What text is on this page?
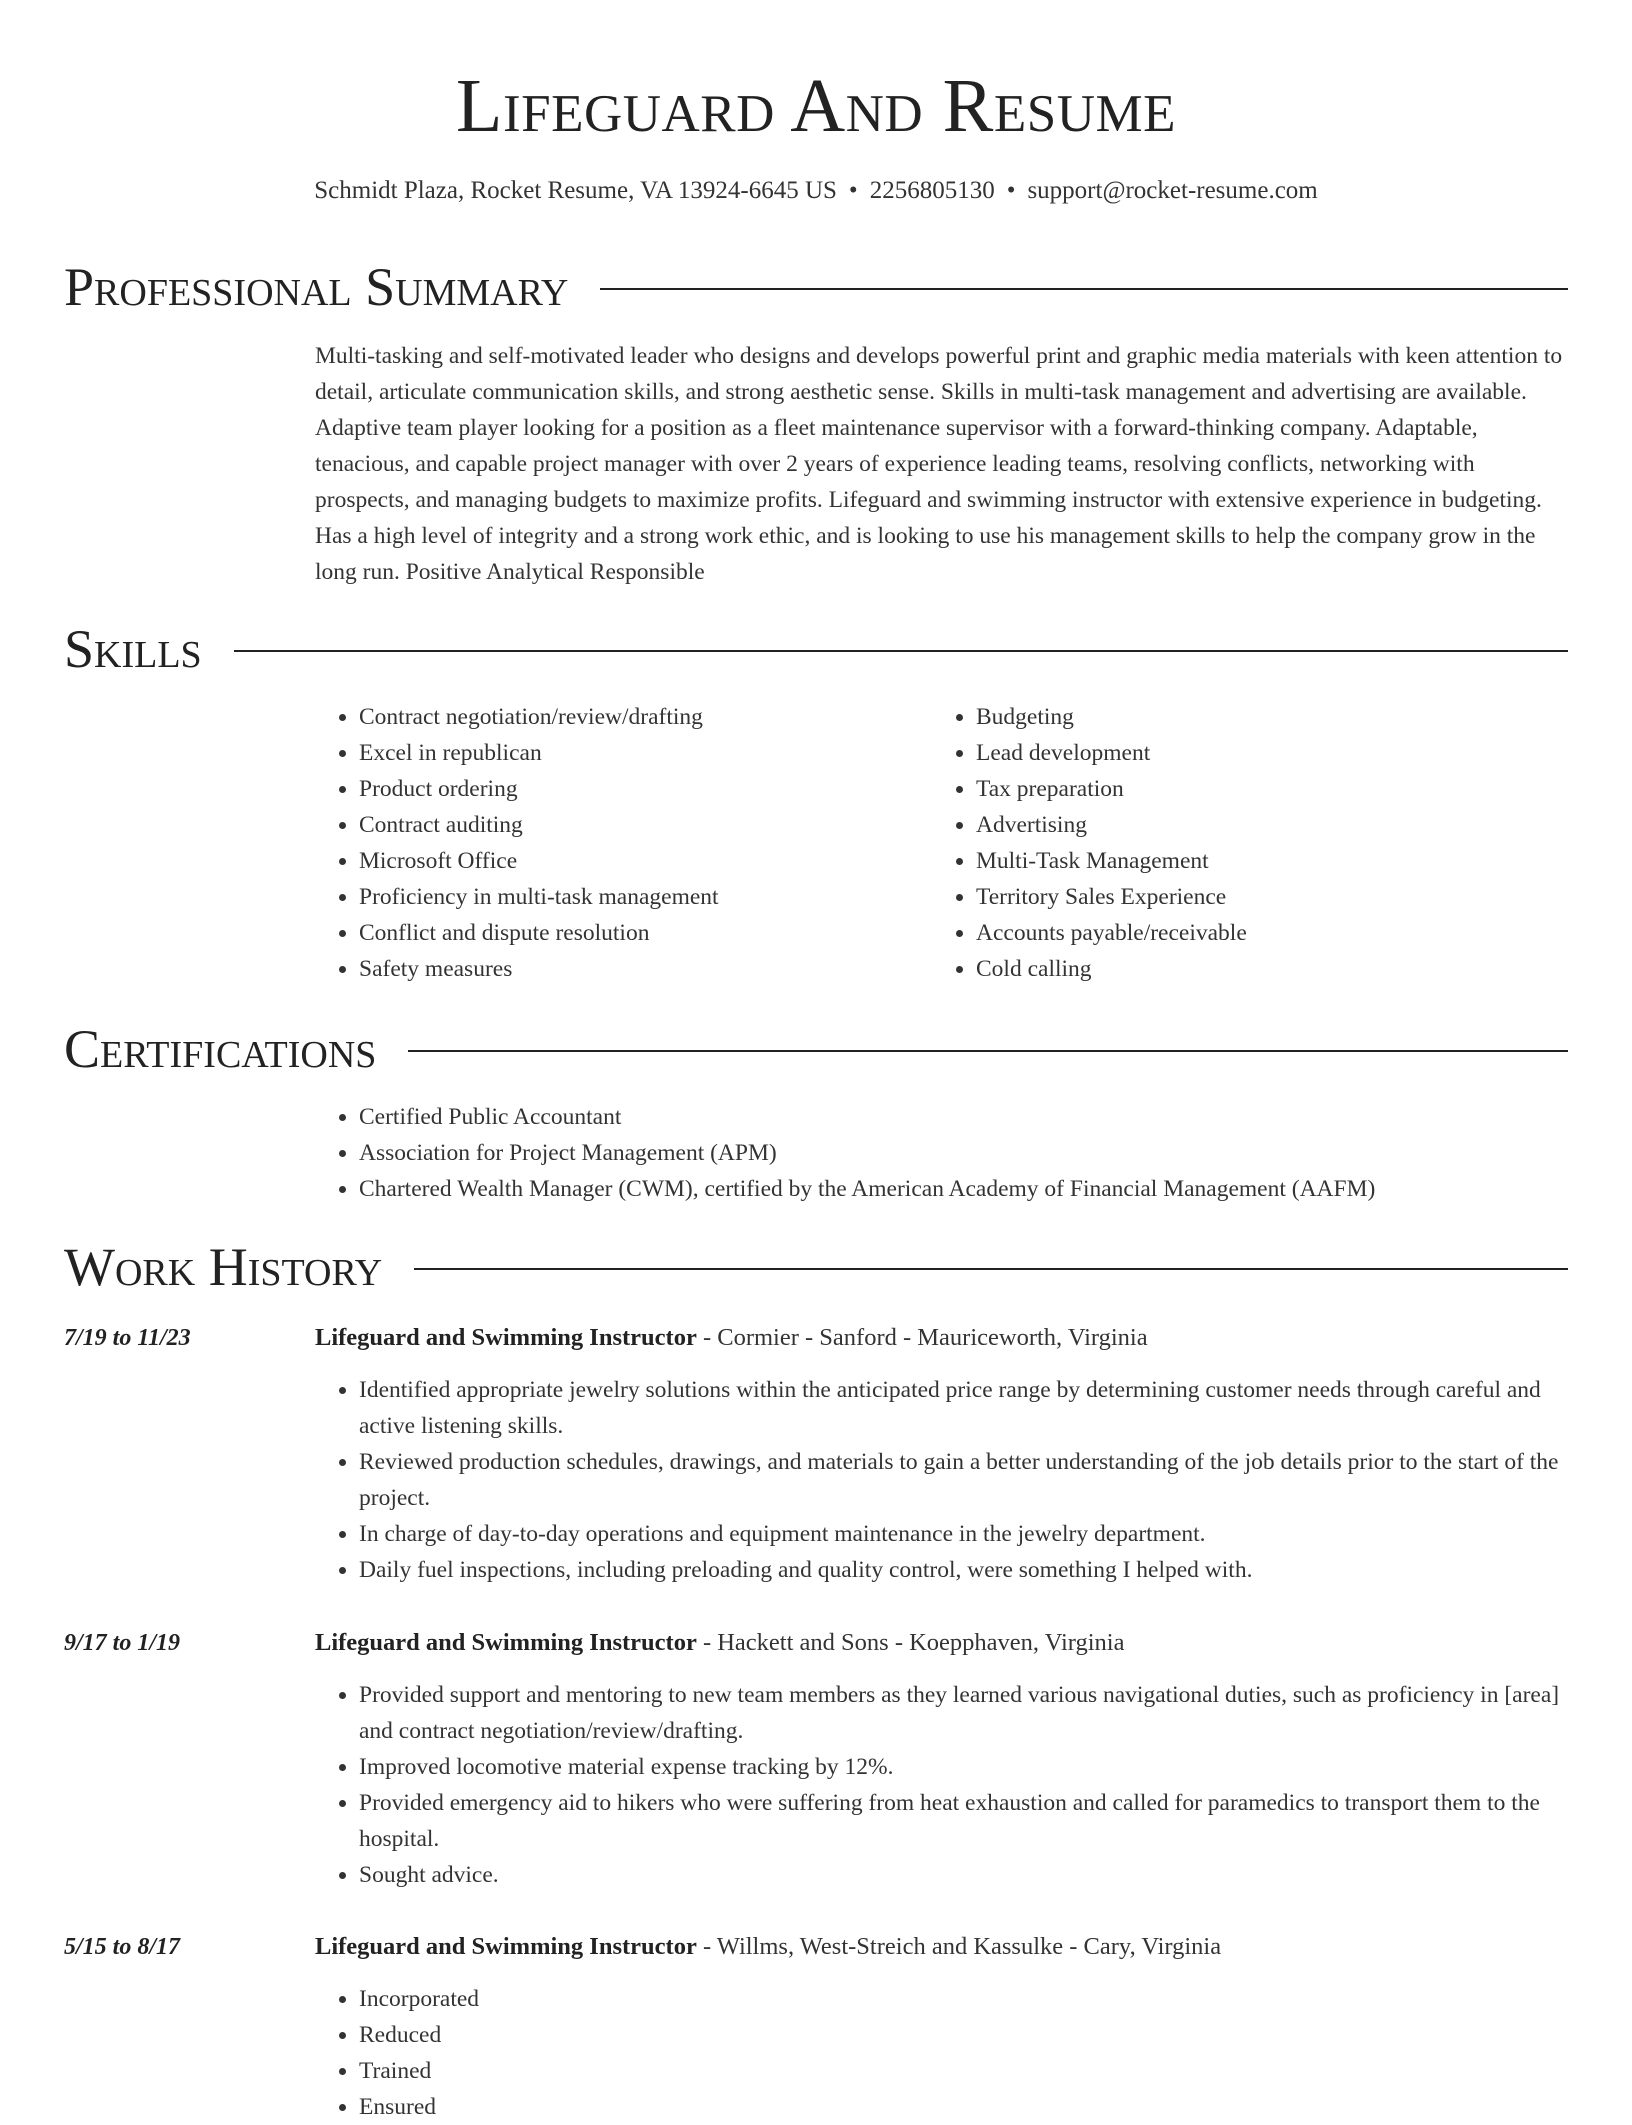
Lifeguard And Resume
Schmidt Plaza, Rocket Resume, VA 13924-6645 US • 2256805130 • support@rocket-resume.com
Professional Summary
Multi-tasking and self-motivated leader who designs and develops powerful print and graphic media materials with keen attention to detail, articulate communication skills, and strong aesthetic sense. Skills in multi-task management and advertising are available. Adaptive team player looking for a position as a fleet maintenance supervisor with a forward-thinking company. Adaptable, tenacious, and capable project manager with over 2 years of experience leading teams, resolving conflicts, networking with prospects, and managing budgets to maximize profits. Lifeguard and swimming instructor with extensive experience in budgeting. Has a high level of integrity and a strong work ethic, and is looking to use his management skills to help the company grow in the long run. Positive Analytical Responsible
Skills
• Contract negotiation/review/drafting
• Excel in republican
• Product ordering
• Contract auditing
• Microsoft Office
• Proficiency in multi-task management
• Conflict and dispute resolution
• Safety measures
• Budgeting
• Lead development
• Tax preparation
• Advertising
• Multi-Task Management
• Territory Sales Experience
• Accounts payable/receivable
• Cold calling
Certifications
• Certified Public Accountant
• Association for Project Management (APM)
• Chartered Wealth Manager (CWM), certified by the American Academy of Financial Management (AAFM)
Work History
7/19 to 11/23	Lifeguard and Swimming Instructor - Cormier - Sanford - Mauriceworth, Virginia
• Identified appropriate jewelry solutions within the anticipated price range by determining customer needs through careful and active listening skills.
• Reviewed production schedules, drawings, and materials to gain a better understanding of the job details prior to the start of the project.
• In charge of day-to-day operations and equipment maintenance in the jewelry department.
• Daily fuel inspections, including preloading and quality control, were something I helped with.
9/17 to 1/19	Lifeguard and Swimming Instructor - Hackett and Sons - Koepphaven, Virginia
• Provided support and mentoring to new team members as they learned various navigational duties, such as proficiency in [area] and contract negotiation/review/drafting.
• Improved locomotive material expense tracking by 12%.
• Provided emergency aid to hikers who were suffering from heat exhaustion and called for paramedics to transport them to the hospital.
• Sought advice.
5/15 to 8/17	Lifeguard and Swimming Instructor - Willms, West-Streich and Kassulke - Cary, Virginia
• Incorporated
• Reduced
• Trained
• Ensured
